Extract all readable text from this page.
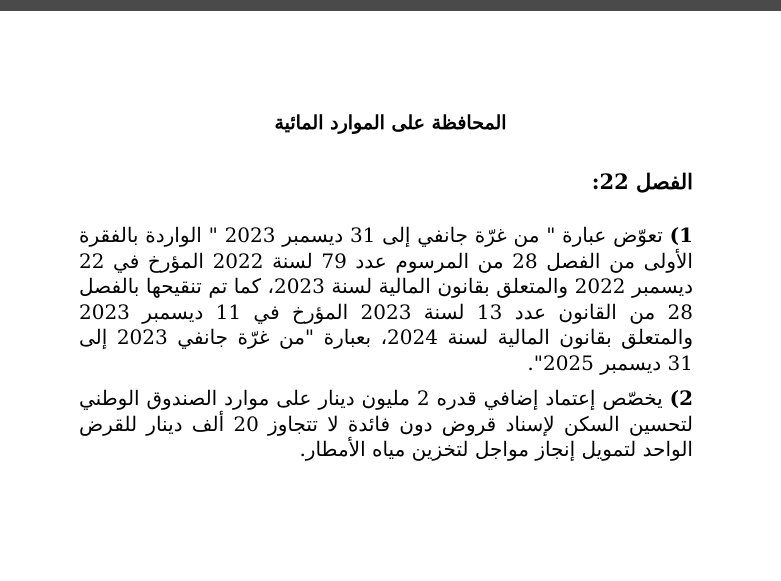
المحافظة على الموارد المائية
الفصل 22:
1) تعوّض عبارة " من غرّة جانفي إلى 31 ديسمبر 2023 " الواردة بالفقرة الأولى من الفصل 28 من المرسوم عدد 79 لسنة 2022 المؤرخ في 22 ديسمبر 2022 والمتعلق بقانون المالية لسنة 2023، كما تم تنقيحها بالفصل 28 من القانون عدد 13 لسنة 2023 المؤرخ في 11 ديسمبر 2023 والمتعلق بقانون المالية لسنة 2024، بعبارة "من غرّة جانفي 2023 إلى 31 ديسمبر 2025".
2) يخصّص إعتماد إضافي قدره 2 مليون دينار على موارد الصندوق الوطني لتحسين السكن لإسناد قروض دون فائدة لا تتجاوز 20 ألف دينار للقرض الواحد لتمويل إنجاز مواجل لتخزين مياه الأمطار.
